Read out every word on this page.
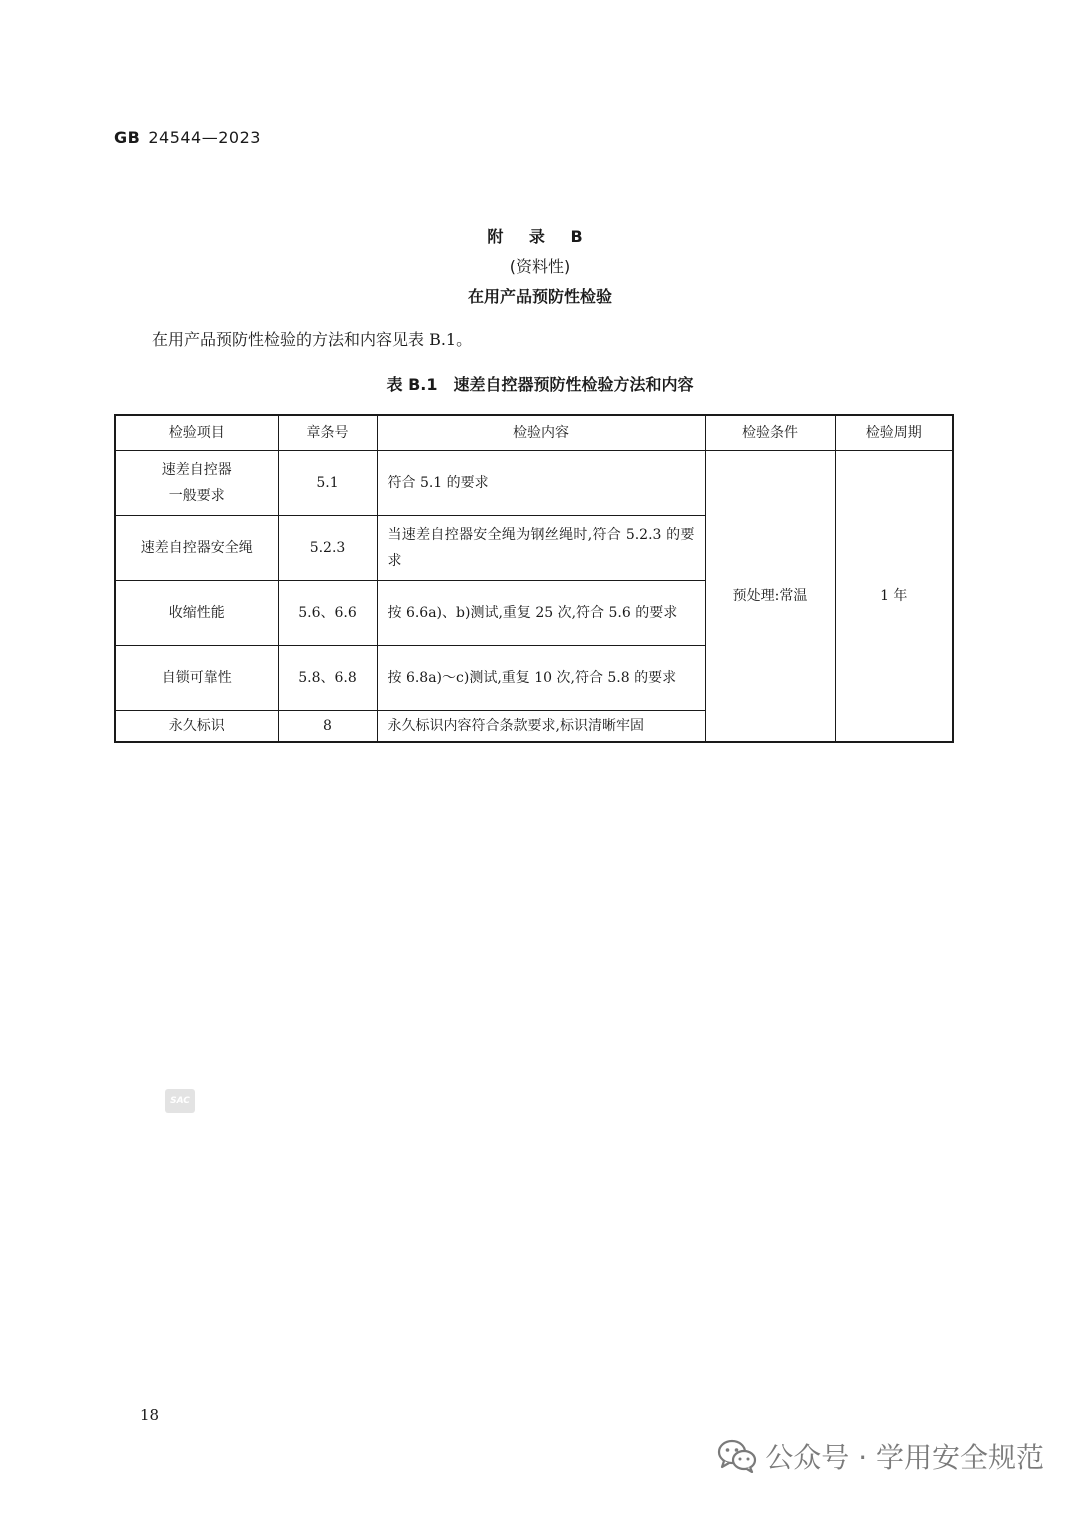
GB 24544—2023
附 录 B
(资料性)
在用产品预防性检验
在用产品预防性检验的方法和内容见表 B.1。
表 B.1　速差自控器预防性检验方法和内容
检验项目	章条号	检验内容	检验条件	检验周期

速差自控器
一般要求	5.1	符合 5.1 的要求	预处理:常温	1 年
速差自控器安全绳	5.2.3	当速差自控器安全绳为钢丝绳时,符合 5.2.3 的要求		
收缩性能	5.6、6.6	按 6.6a)、b)测试,重复 25 次,符合 5.6 的要求		
自锁可靠性	5.8、6.8	按 6.8a)～c)测试,重复 10 次,符合 5.8 的要求		
永久标识	8	永久标识内容符合条款要求,标识清晰牢固		
SAC
18
公众号 · 学用安全规范
